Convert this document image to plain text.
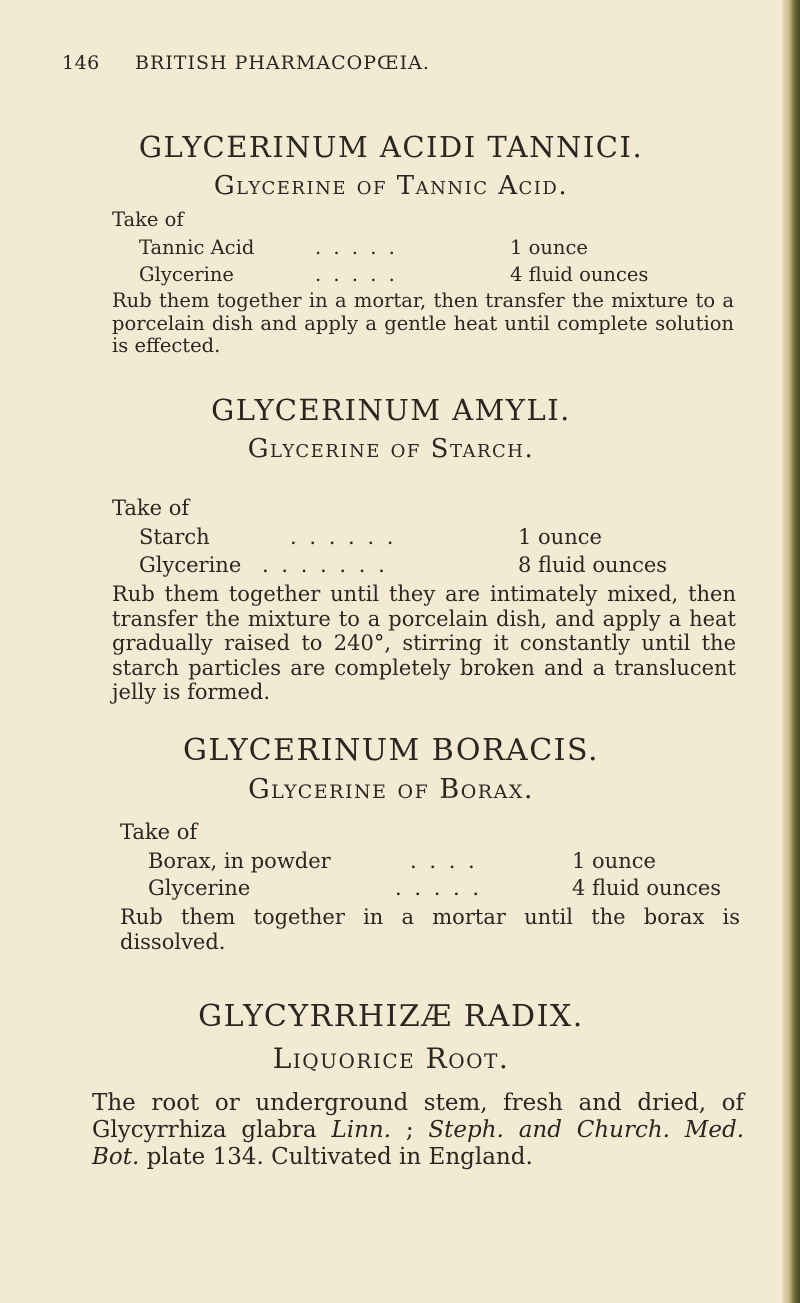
146 BRITISH PHARMACOPŒIA.
GLYCERINUM ACIDI TANNICI.
Glycerine of Tannic Acid.
Take of
Tannic Acid	. . . . .	1 ounce
Glycerine	. . . . .	4 fluid ounces
Rub them together in a mortar, then transfer the mixture to a porcelain dish and apply a gentle heat until complete solution is effected.
GLYCERINUM AMYLI.
Glycerine of Starch.
Take of
Starch	. . . . . .	1 ounce
Glycerine . . . . . . .	8 fluid ounces
Rub them together until they are intimately mixed, then transfer the mixture to a porcelain dish, and apply a heat gradually raised to 240°, stirring it constantly until the starch particles are completely broken and a translucent jelly is formed.
GLYCERINUM BORACIS.
Glycerine of Borax.
Take of
Borax, in powder	. . . .	1 ounce
Glycerine	. . . . .	4 fluid ounces
Rub them together in a mortar until the borax is dissolved.
GLYCYRRHIZÆ RADIX.
Liquorice Root.
The root or underground stem, fresh and dried, of Glycyrrhiza glabra Linn. ; Steph. and Church. Med. Bot. plate 134. Cultivated in England.
